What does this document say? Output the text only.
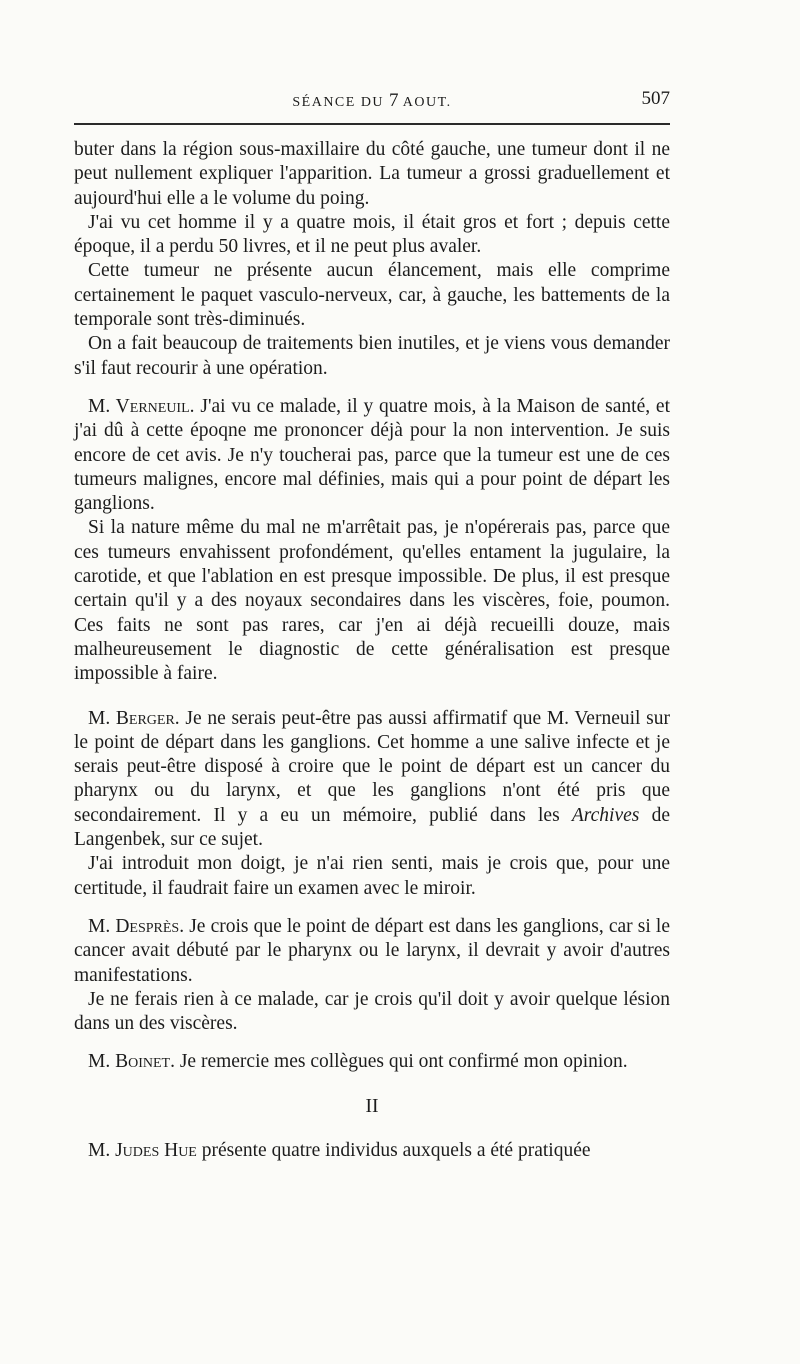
SÉANCE DU 7 AOUT.	507

buter dans la région sous-maxillaire du côté gauche, une tumeur dont il ne peut nullement expliquer l'apparition. La tumeur a grossi graduellement et aujourd'hui elle a le volume du poing.

J'ai vu cet homme il y a quatre mois, il était gros et fort ; depuis cette époque, il a perdu 50 livres, et il ne peut plus avaler.

Cette tumeur ne présente aucun élancement, mais elle comprime certainement le paquet vasculo-nerveux, car, à gauche, les battements de la temporale sont très-diminués.

On a fait beaucoup de traitements bien inutiles, et je viens vous demander s'il faut recourir à une opération.

M. Verneuil. J'ai vu ce malade, il y quatre mois, à la Maison de santé, et j'ai dû à cette époqne me prononcer déjà pour la non intervention. Je suis encore de cet avis. Je n'y toucherai pas, parce que la tumeur est une de ces tumeurs malignes, encore mal définies, mais qui a pour point de départ les ganglions.

Si la nature même du mal ne m'arrêtait pas, je n'opérerais pas, parce que ces tumeurs envahissent profondément, qu'elles entament la jugulaire, la carotide, et que l'ablation en est presque impossible. De plus, il est presque certain qu'il y a des noyaux secondaires dans les viscères, foie, poumon. Ces faits ne sont pas rares, car j'en ai déjà recueilli douze, mais malheureusement le diagnostic de cette généralisation est presque impossible à faire.

M. Berger. Je ne serais peut-être pas aussi affirmatif que M. Verneuil sur le point de départ dans les ganglions. Cet homme a une salive infecte et je serais peut-être disposé à croire que le point de départ est un cancer du pharynx ou du larynx, et que les ganglions n'ont été pris que secondairement. Il y a eu un mémoire, publié dans les Archives de Langenbek, sur ce sujet.

J'ai introduit mon doigt, je n'ai rien senti, mais je crois que, pour une certitude, il faudrait faire un examen avec le miroir.

M. Desprès. Je crois que le point de départ est dans les ganglions, car si le cancer avait débuté par le pharynx ou le larynx, il devrait y avoir d'autres manifestations.

Je ne ferais rien à ce malade, car je crois qu'il doit y avoir quelque lésion dans un des viscères.

M. Boinet. Je remercie mes collègues qui ont confirmé mon opinion.

II

M. Judes Hue présente quatre individus auxquels a été pratiquée
